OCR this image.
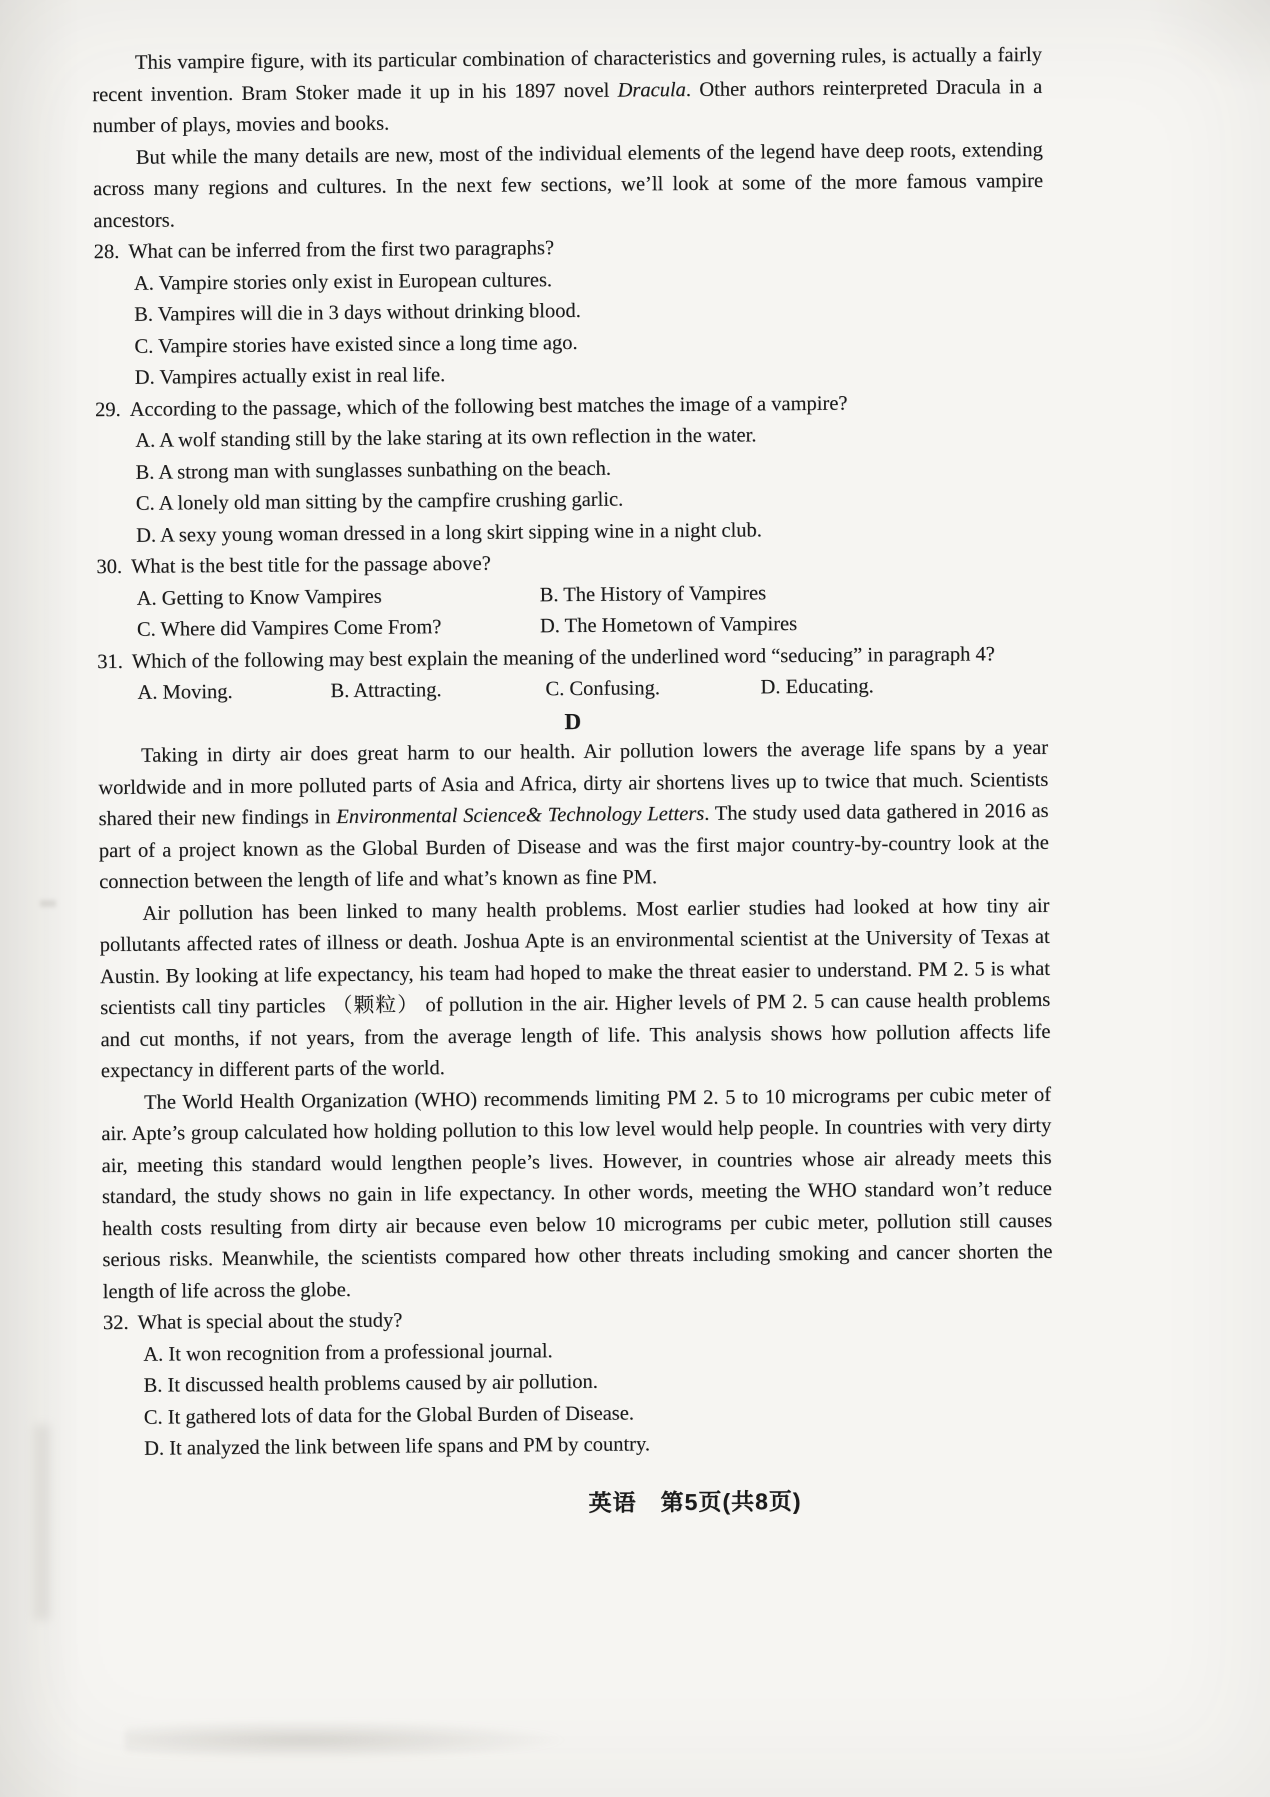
This vampire figure, with its particular combination of characteristics and governing rules, is actually a fairly recent invention. Bram Stoker made it up in his 1897 novel Dracula. Other authors reinterpreted Dracula in a number of plays, movies and books.

But while the many details are new, most of the individual elements of the legend have deep roots, extending across many regions and cultures. In the next few sections, we’ll look at some of the more famous vampire ancestors.

28. What can be inferred from the first two paragraphs?
A. Vampire stories only exist in European cultures.
B. Vampires will die in 3 days without drinking blood.
C. Vampire stories have existed since a long time ago.
D. Vampires actually exist in real life.
29. According to the passage, which of the following best matches the image of a vampire?
A. A wolf standing still by the lake staring at its own reflection in the water.
B. A strong man with sunglasses sunbathing on the beach.
C. A lonely old man sitting by the campfire crushing garlic.
D. A sexy young woman dressed in a long skirt sipping wine in a night club.
30. What is the best title for the passage above?
A. Getting to Know Vampires	B. The History of Vampires
C. Where did Vampires Come From?	D. The Hometown of Vampires
31. Which of the following may best explain the meaning of the underlined word “seducing” in paragraph 4?
A. Moving.	B. Attracting.	C. Confusing.	D. Educating.
D

Taking in dirty air does great harm to our health. Air pollution lowers the average life spans by a year worldwide and in more polluted parts of Asia and Africa, dirty air shortens lives up to twice that much. Scientists shared their new findings in Environmental Science& Technology Letters. The study used data gathered in 2016 as part of a project known as the Global Burden of Disease and was the first major country-by-country look at the connection between the length of life and what’s known as fine PM.

Air pollution has been linked to many health problems. Most earlier studies had looked at how tiny air pollutants affected rates of illness or death. Joshua Apte is an environmental scientist at the University of Texas at Austin. By looking at life expectancy, his team had hoped to make the threat easier to understand. PM 2. 5 is what scientists call tiny particles （颗粒） of pollution in the air. Higher levels of PM 2. 5 can cause health problems and cut months, if not years, from the average length of life. This analysis shows how pollution affects life expectancy in different parts of the world.

The World Health Organization (WHO) recommends limiting PM 2. 5 to 10 micrograms per cubic meter of air. Apte’s group calculated how holding pollution to this low level would help people. In countries with very dirty air, meeting this standard would lengthen people’s lives. However, in countries whose air already meets this standard, the study shows no gain in life expectancy. In other words, meeting the WHO standard won’t reduce health costs resulting from dirty air because even below 10 micrograms per cubic meter, pollution still causes serious risks. Meanwhile, the scientists compared how other threats including smoking and cancer shorten the length of life across the globe.

32. What is special about the study?
A. It won recognition from a professional journal.
B. It discussed health problems caused by air pollution.
C. It gathered lots of data for the Global Burden of Disease.
D. It analyzed the link between life spans and PM by country.
英语 第5页(共8页)
